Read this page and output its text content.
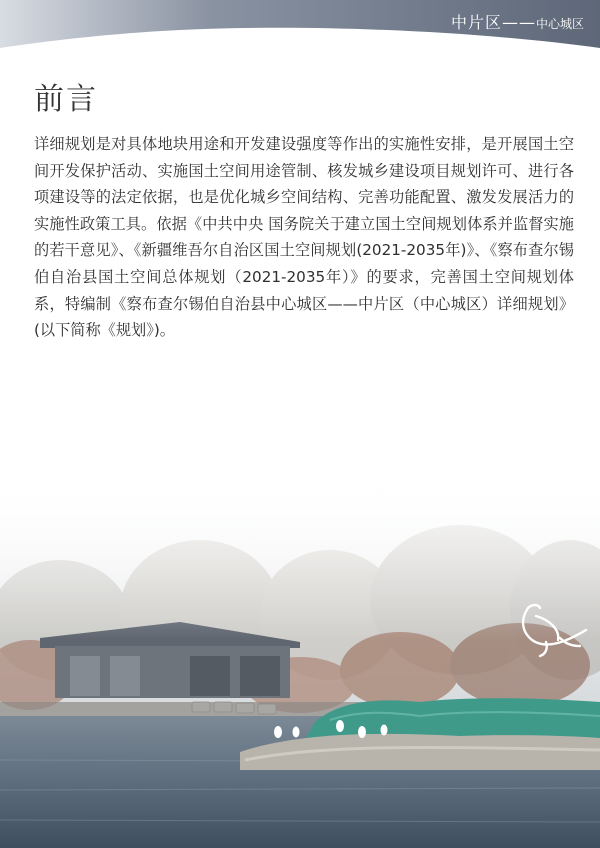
中片区——中心城区
前言

详细规划是对具体地块用途和开发建设强度等作出的实施性安排，是开展国土空间开发保护活动、实施国土空间用途管制、核发城乡建设项目规划许可、进行各项建设等的法定依据，也是优化城乡空间结构、完善功能配置、激发发展活力的实施性政策工具。依据《中共中央 国务院关于建立国土空间规划体系并监督实施的若干意见》、《新疆维吾尔自治区国土空间规划(2021-2035年)》、《察布查尔锡伯自治县国土空间总体规划（2021-2035年）》的要求，完善国土空间规划体系，特编制《察布查尔锡伯自治县中心城区——中片区（中心城区）详细规划》(以下简称《规划》)。
